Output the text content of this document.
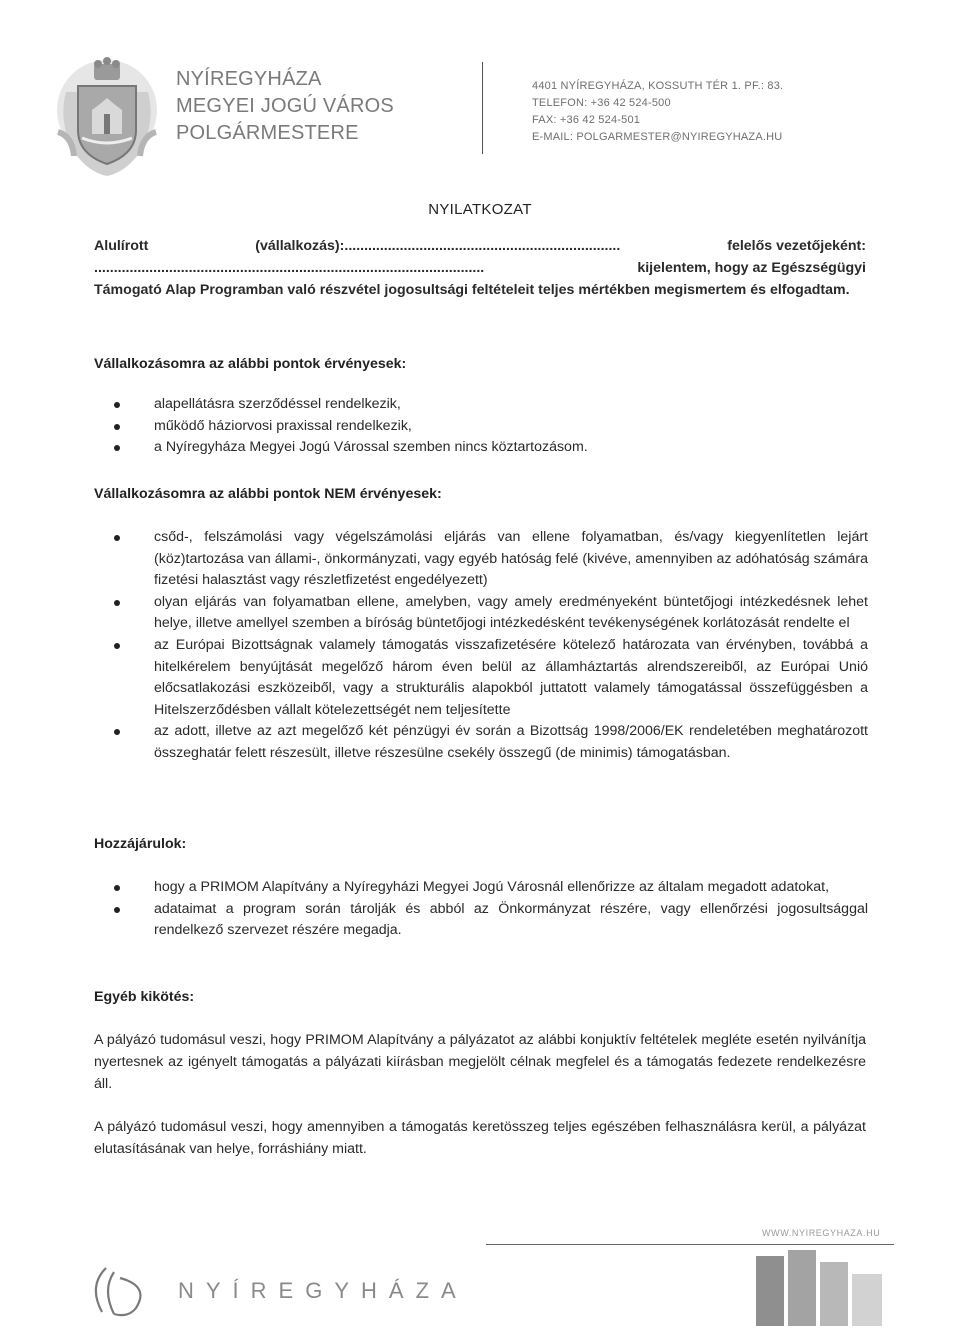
NYÍREGYHÁZA
MEGYEI JOGÚ VÁROS
POLGÁRMESTERE
4401 NYÍREGYHÁZA, KOSSUTH TÉR 1. PF.: 83.
TELEFON: +36 42 524-500
FAX: +36 42 524-501
E-MAIL: POLGARMESTER@NYIREGYHAZA.HU
NYILATKOZAT
Alulírott	(vállalkozás):......................................................................	felelős vezetőjeként:
...................................................................................................	kijelentem, hogy az Egészségügyi
Támogató Alap Programban való részvétel jogosultsági feltételeit teljes mértékben megismertem és elfogadtam.
Vállalkozásomra az alábbi pontok érvényesek:
alapellátásra szerződéssel rendelkezik,
működő háziorvosi praxissal rendelkezik,
a Nyíregyháza Megyei Jogú Várossal szemben nincs köztartozásom.
Vállalkozásomra az alábbi pontok NEM érvényesek:
csőd-, felszámolási vagy végelszámolási eljárás van ellene folyamatban, és/vagy kiegyenlítetlen lejárt (köz)tartozása van állami-, önkormányzati, vagy egyéb hatóság felé (kivéve, amennyiben az adóhatóság számára fizetési halasztást vagy részletfizetést engedélyezett)
olyan eljárás van folyamatban ellene, amelyben, vagy amely eredményeként büntetőjogi intézkedésnek lehet helye, illetve amellyel szemben a bíróság büntetőjogi intézkedésként tevékenységének korlátozását rendelte el
az Európai Bizottságnak valamely támogatás visszafizetésére kötelező határozata van érvényben, továbbá a hitelkérelem benyújtását megelőző három éven belül az államháztartás alrendszereiből, az Európai Unió előcsatlakozási eszközeiből, vagy a strukturális alapokból juttatott valamely támogatással összefüggésben a Hitelszerződésben vállalt kötelezettségét nem teljesítette
az adott, illetve az azt megelőző két pénzügyi év során a Bizottság 1998/2006/EK rendeletében meghatározott összeghatár felett részesült, illetve részesülne csekély összegű (de minimis) támogatásban.
Hozzájárulok:
hogy a PRIMOM Alapítvány a Nyíregyházi Megyei Jogú Városnál ellenőrizze az általam megadott adatokat,
adataimat a program során tárolják és abból az Önkormányzat részére, vagy ellenőrzési jogosultsággal rendelkező szervezet részére megadja.
Egyéb kikötés:
A pályázó tudomásul veszi, hogy PRIMOM Alapítvány a pályázatot az alábbi konjuktív feltételek megléte esetén nyilvánítja nyertesnek az igényelt támogatás a pályázati kiírásban megjelölt célnak megfelel és a támogatás fedezete rendelkezésre áll.
A pályázó tudomásul veszi, hogy amennyiben a támogatás keretösszeg teljes egészében felhasználásra kerül, a pályázat elutasításának van helye, forráshiány miatt.
WWW.NYIREGYHAZA.HU
NYÍREGYHÁZA
